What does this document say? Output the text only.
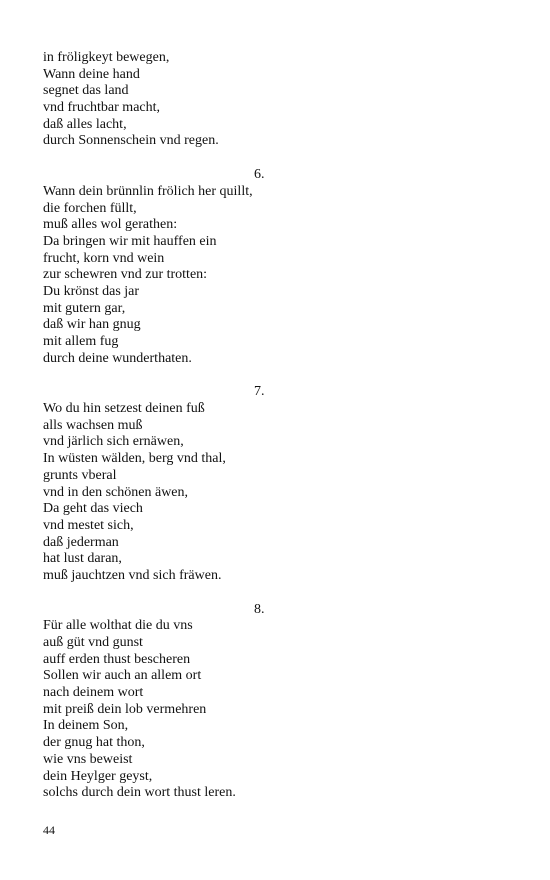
in fröligkeyt bewegen,
Wann deine hand
segnet das land
vnd fruchtbar macht,
daß alles lacht,
durch Sonnenschein vnd regen.
6.
Wann dein brünnlin frölich her quillt,
die forchen füllt,
muß alles wol gerathen:
Da bringen wir mit hauffen ein
frucht, korn vnd wein
zur schewren vnd zur trotten:
Du krönst das jar
mit gutern gar,
daß wir han gnug
mit allem fug
durch deine wunderthaten.
7.
Wo du hin setzest deinen fuß
alls wachsen muß
vnd järlich sich ernäwen,
In wüsten wälden, berg vnd thal,
grunts vberal
vnd in den schönen äwen,
Da geht das viech
vnd mestet sich,
daß jederman
hat lust daran,
muß jauchtzen vnd sich fräwen.
8.
Für alle wolthat die du vns
auß güt vnd gunst
auff erden thust bescheren
Sollen wir auch an allem ort
nach deinem wort
mit preiß dein lob vermehren
In deinem Son,
der gnug hat thon,
wie vns beweist
dein Heylger geyst,
solchs durch dein wort thust leren.
44
